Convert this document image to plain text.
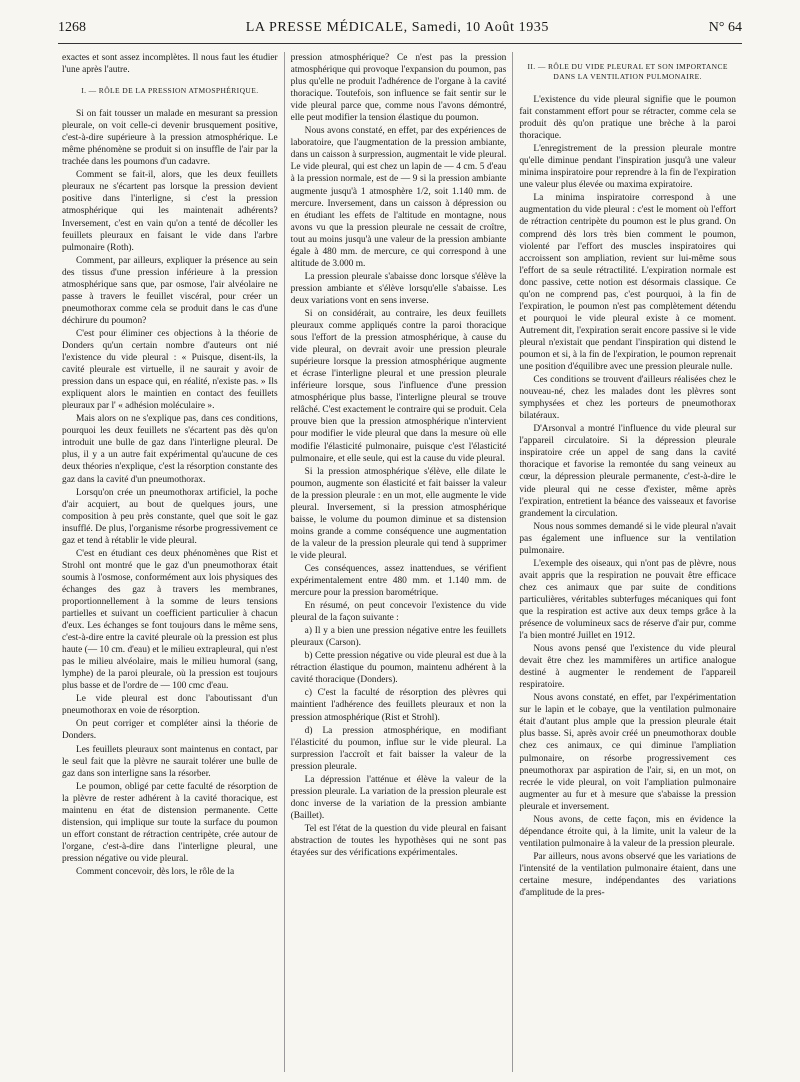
1268	LA PRESSE MÉDICALE, Samedi, 10 Août 1935	N° 64

exactes et sont assez incomplètes. Il nous faut les étudier l'une après l'autre.

I. — RÔLE DE LA PRESSION ATMOSPHÉRIQUE.

Si on fait tousser un malade en mesurant sa pression pleurale, on voit celle-ci devenir brusquement positive, c'est-à-dire supérieure à la pression atmosphérique. Le même phénomène se produit si on insuffle de l'air par la trachée dans les poumons d'un cadavre.

Comment se fait-il, alors, que les deux feuillets pleuraux ne s'écartent pas lorsque la pression devient positive dans l'interligne, si c'est la pression atmosphérique qui les maintenait adhérents? Inversement, c'est en vain qu'on a tenté de décoller les feuillets pleuraux en faisant le vide dans l'arbre pulmonaire (Roth).

Comment, par ailleurs, expliquer la présence au sein des tissus d'une pression inférieure à la pression atmosphérique sans que, par osmose, l'air alvéolaire ne passe à travers le feuillet viscéral, pour créer un pneumothorax comme cela se produit dans le cas d'une déchirure du poumon?

C'est pour éliminer ces objections à la théorie de Donders qu'un certain nombre d'auteurs ont nié l'existence du vide pleural : « Puisque, disent-ils, la cavité pleurale est virtuelle, il ne saurait y avoir de pression dans un espace qui, en réalité, n'existe pas. » Ils expliquent alors le maintien en contact des feuillets pleuraux par l' « adhésion moléculaire ».

Mais alors on ne s'explique pas, dans ces conditions, pourquoi les deux feuillets ne s'écartent pas dès qu'on introduit une bulle de gaz dans l'interligne pleural. De plus, il y a un autre fait expérimental qu'aucune de ces deux théories n'explique, c'est la résorption constante des gaz dans la cavité d'un pneumothorax.

Lorsqu'on crée un pneumothorax artificiel, la poche d'air acquiert, au bout de quelques jours, une composition à peu près constante, quel que soit le gaz insufflé. De plus, l'organisme résorbe progressivement ce gaz et tend à rétablir le vide pleural.

C'est en étudiant ces deux phénomènes que Rist et Strohl ont montré que le gaz d'un pneumothorax était soumis à l'osmose, conformément aux lois physiques des échanges des gaz à travers les membranes, proportionnellement à la somme de leurs tensions partielles et suivant un coefficient particulier à chacun d'eux. Les échanges se font toujours dans le même sens, c'est-à-dire entre la cavité pleurale où la pression est plus haute (— 10 cm. d'eau) et le milieu extrapleural, qui n'est pas le milieu alvéolaire, mais le milieu humoral (sang, lymphe) de la paroi pleurale, où la pression est toujours plus basse et de l'ordre de — 100 cmc d'eau.

Le vide pleural est donc l'aboutissant d'un pneumothorax en voie de résorption.

On peut corriger et compléter ainsi la théorie de Donders.

Les feuillets pleuraux sont maintenus en contact, par le seul fait que la plèvre ne saurait tolérer une bulle de gaz dans son interligne sans la résorber.

Le poumon, obligé par cette faculté de résorption de la plèvre de rester adhérent à la cavité thoracique, est maintenu en état de distension permanente. Cette distension, qui implique sur toute la surface du poumon un effort constant de rétraction centripète, crée autour de l'organe, c'est-à-dire dans l'interligne pleural, une pression négative ou vide pleural.

Comment concevoir, dès lors, le rôle de la

pression atmosphérique? Ce n'est pas la pression atmosphérique qui provoque l'expansion du poumon, pas plus qu'elle ne produit l'adhérence de l'organe à la cavité thoracique. Toutefois, son influence se fait sentir sur le vide pleural parce que, comme nous l'avons démontré, elle peut modifier la tension élastique du poumon.

Nous avons constaté, en effet, par des expériences de laboratoire, que l'augmentation de la pression ambiante, dans un caisson à surpression, augmentait le vide pleural. Le vide pleural, qui est chez un lapin de — 4 cm. 5 d'eau à la pression normale, est de — 9 si la pression ambiante augmente jusqu'à 1 atmosphère 1/2, soit 1.140 mm. de mercure. Inversement, dans un caisson à dépression ou en étudiant les effets de l'altitude en montagne, nous avons vu que la pression pleurale ne cessait de croître, tout au moins jusqu'à une valeur de la pression ambiante égale à 480 mm. de mercure, ce qui correspond à une altitude de 3.000 m.

La pression pleurale s'abaisse donc lorsque s'élève la pression ambiante et s'élève lorsqu'elle s'abaisse. Les deux variations vont en sens inverse.

Si on considérait, au contraire, les deux feuillets pleuraux comme appliqués contre la paroi thoracique sous l'effort de la pression atmosphérique, à cause du vide pleural, on devrait avoir une pression pleurale supérieure lorsque la pression atmosphérique augmente et écrase l'interligne pleural et une pression pleurale inférieure lorsque, sous l'influence d'une pression atmosphérique plus basse, l'interligne pleural se trouve relâché. C'est exactement le contraire qui se produit. Cela prouve bien que la pression atmosphérique n'intervient pour modifier le vide pleural que dans la mesure où elle modifie l'élasticité pulmonaire, puisque c'est l'élasticité pulmonaire, et elle seule, qui est la cause du vide pleural.

Si la pression atmosphérique s'élève, elle dilate le poumon, augmente son élasticité et fait baisser la valeur de la pression pleurale : en un mot, elle augmente le vide pleural. Inversement, si la pression atmosphérique baisse, le volume du poumon diminue et sa distension moins grande a comme conséquence une augmentation de la valeur de la pression pleurale qui tend à supprimer le vide pleural.

Ces conséquences, assez inattendues, se vérifient expérimentalement entre 480 mm. et 1.140 mm. de mercure pour la pression barométrique.

En résumé, on peut concevoir l'existence du vide pleural de la façon suivante :

a) Il y a bien une pression négative entre les feuillets pleuraux (Carson).

b) Cette pression négative ou vide pleural est due à la rétraction élastique du poumon, maintenu adhérent à la cavité thoracique (Donders).

c) C'est la faculté de résorption des plèvres qui maintient l'adhérence des feuillets pleuraux et non la pression atmosphérique (Rist et Strohl).

d) La pression atmosphérique, en modifiant l'élasticité du poumon, influe sur le vide pleural. La surpression l'accroît et fait baisser la valeur de la pression pleurale.

La dépression l'atténue et élève la valeur de la pression pleurale. La variation de la pression pleurale est donc inverse de la variation de la pression ambiante (Baillet).

Tel est l'état de la question du vide pleural en faisant abstraction de toutes les hypothèses qui ne sont pas étayées sur des vérifications expérimentales.

II. — RÔLE DU VIDE PLEURAL ET SON IMPORTANCE DANS LA VENTILATION PULMONAIRE.

L'existence du vide pleural signifie que le poumon fait constamment effort pour se rétracter, comme cela se produit dès qu'on pratique une brèche à la paroi thoracique.

L'enregistrement de la pression pleurale montre qu'elle diminue pendant l'inspiration jusqu'à une valeur minima inspiratoire pour reprendre à la fin de l'expiration une valeur plus élevée ou maxima expiratoire.

La minima inspiratoire correspond à une augmentation du vide pleural : c'est le moment où l'effort de rétraction centripète du poumon est le plus grand. On comprend dès lors très bien comment le poumon, violenté par l'effort des muscles inspiratoires qui accroissent son ampliation, revient sur lui-même sous l'effort de sa seule rétractilité. L'expiration normale est donc passive, cette notion est désormais classique. Ce qu'on ne comprend pas, c'est pourquoi, à la fin de l'expiration, le poumon n'est pas complètement détendu et pourquoi le vide pleural existe à ce moment. Autrement dit, l'expiration serait encore passive si le vide pleural n'existait que pendant l'inspiration qui distend le poumon et si, à la fin de l'expiration, le poumon reprenait une position d'équilibre avec une pression pleurale nulle.

Ces conditions se trouvent d'ailleurs réalisées chez le nouveau-né, chez les malades dont les plèvres sont symphysées et chez les porteurs de pneumothorax bilatéraux.

D'Arsonval a montré l'influence du vide pleural sur l'appareil circulatoire. Si la dépression pleurale inspiratoire crée un appel de sang dans la cavité thoracique et favorise la remontée du sang veineux au cœur, la dépression pleurale permanente, c'est-à-dire le vide pleural qui ne cesse d'exister, même après l'expiration, entretient la béance des vaisseaux et favorise grandement la circulation.

Nous nous sommes demandé si le vide pleural n'avait pas également une influence sur la ventilation pulmonaire.

L'exemple des oiseaux, qui n'ont pas de plèvre, nous avait appris que la respiration ne pouvait être efficace chez ces animaux que par suite de conditions particulières, véritables subterfuges mécaniques qui font que la respiration est active aux deux temps grâce à la présence de volumineux sacs de réserve d'air pur, comme l'a bien montré Juillet en 1912.

Nous avons pensé que l'existence du vide pleural devait être chez les mammifères un artifice analogue destiné à augmenter le rendement de l'appareil respiratoire.

Nous avons constaté, en effet, par l'expérimentation sur le lapin et le cobaye, que la ventilation pulmonaire était d'autant plus ample que la pression pleurale était plus basse. Si, après avoir créé un pneumothorax double chez ces animaux, ce qui diminue l'ampliation pulmonaire, on résorbe progressivement ces pneumothorax par aspiration de l'air, si, en un mot, on recrée le vide pleural, on voit l'ampliation pulmonaire augmenter au fur et à mesure que s'abaisse la pression pleurale et inversement.

Nous avons, de cette façon, mis en évidence la dépendance étroite qui, à la limite, unit la valeur de la ventilation pulmonaire à la valeur de la pression pleurale.

Par ailleurs, nous avons observé que les variations de l'intensité de la ventilation pulmonaire étaient, dans une certaine mesure, indépendantes des variations d'amplitude de la pres-
